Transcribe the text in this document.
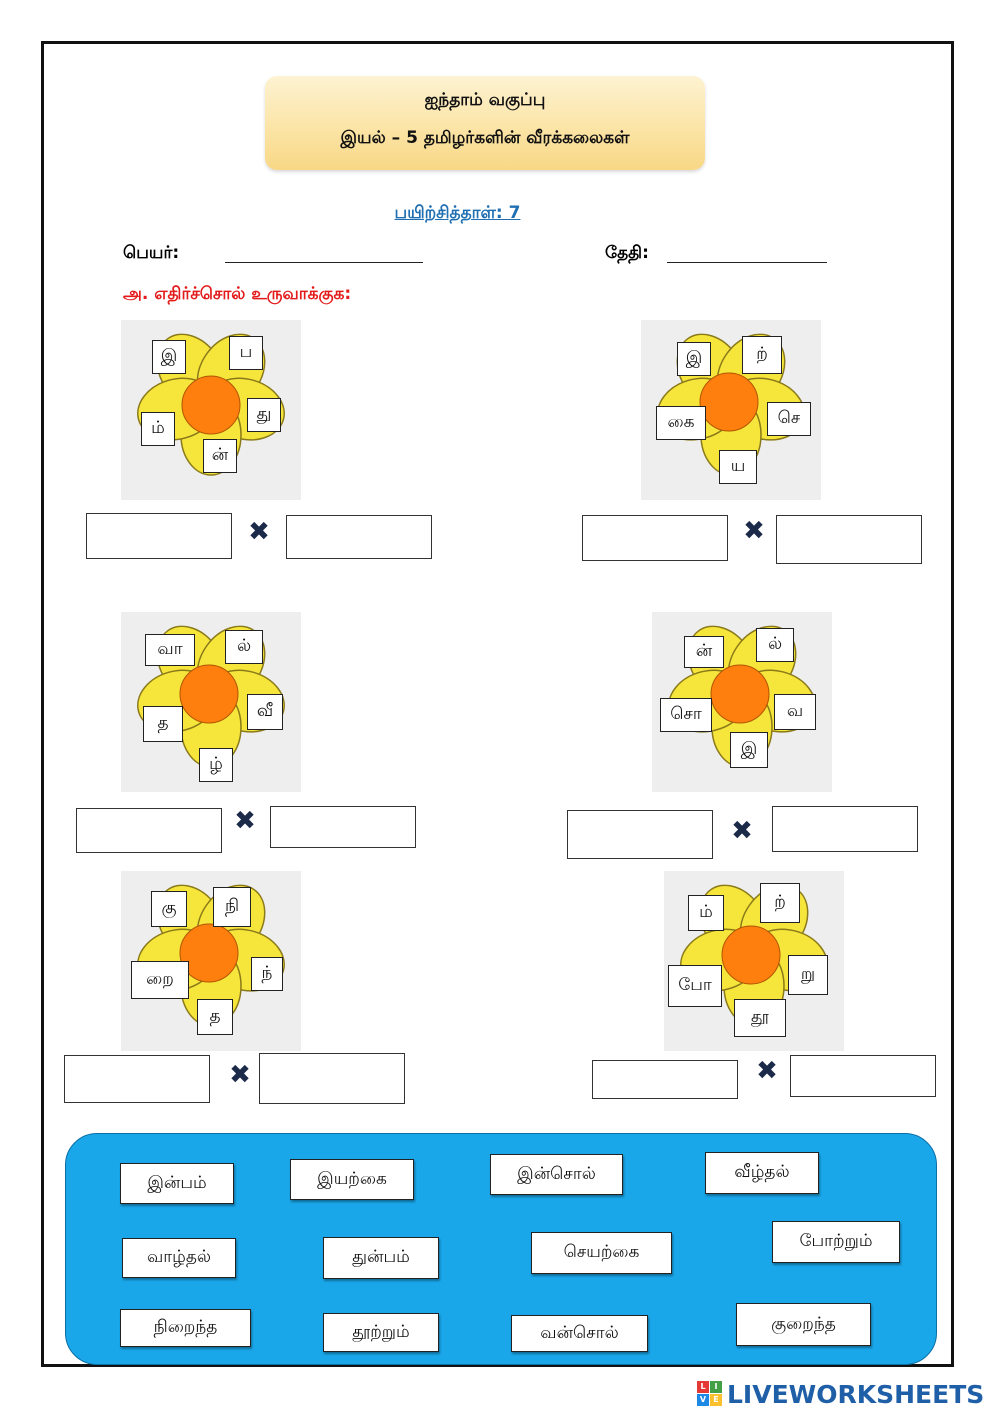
ஐந்தாம் வகுப்பு
இயல் – 5 தமிழர்களின் வீரக்கலைகள்
பயிற்சித்தாள்: 7
பெயர்:	தேதி:
அ. எதிர்ச்சொல் உருவாக்குக:
இ	ப
து
ன்
ம்
இ	ற்
செ
ய
கை
வா	ல்
வீ
ழ்
த
ன்	ல்
வ
இ
சொ
கு	நி
ந்
த
றை
ம்	ற்
று
தூ
போ
✖	✖
✖	✖
✖	✖
இன்பம்	இயற்கை	இன்சொல்	வீழ்தல்
வாழ்தல்	துன்பம்	செயற்கை
போற்றும்
நிறைந்த	தூற்றும்	வன்சொல்	குறைந்த
L	I
V E LIVEWORKSHEETS
